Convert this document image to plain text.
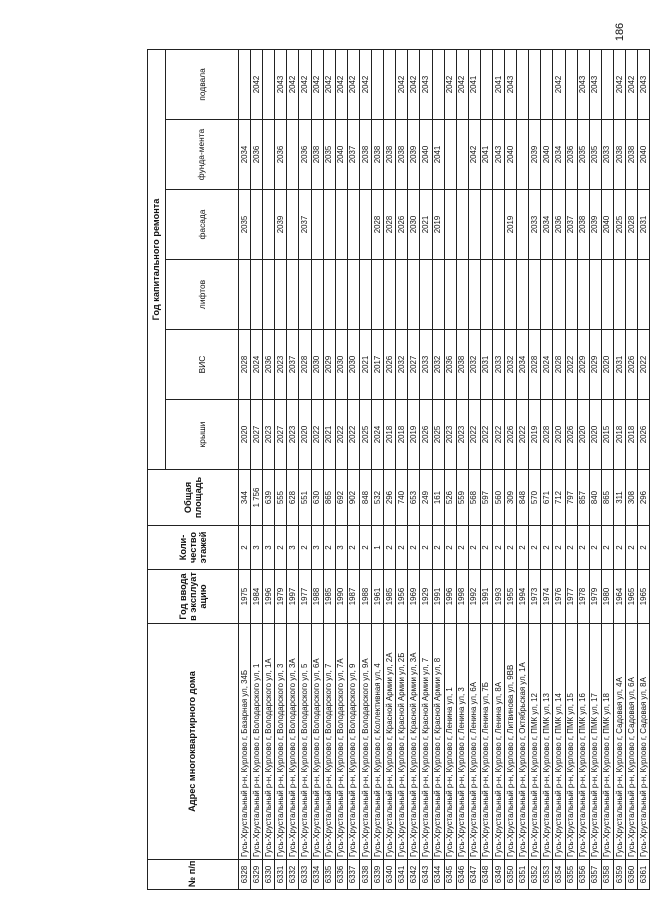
186
№ п/п	Адрес многоквартирного дома	Год ввода в эксплуат ацию	Коли-чество этажей	Общая площадь	Год капитального ремонта					
					крыши	ВИС	лифтов	фасада	фунда-мента	подвала
6328	Гусь-Хрустальный р-н, Курлово г, Базарная ул, 34Б	1975	2	344	2020	2028		2035	2034	
6329	Гусь-Хрустальный р-н, Курлово г, Володарского ул, 1	1984	3	1 756	2027	2024			2036	2042
6330	Гусь-Хрустальный р-н, Курлово г, Володарского ул, 1А	1996	3	639	2023	2036				
6331	Гусь-Хрустальный р-н, Курлово г, Володарского ул, 3	1979	2	555	2027	2023		2039	2036	2043
6332	Гусь-Хрустальный р-н, Курлово г, Володарского ул, 3А	1997	3	628	2023	2037				2042
6333	Гусь-Хрустальный р-н, Курлово г, Володарского ул, 5	1977	2	551	2020	2028		2037	2036	2042
6334	Гусь-Хрустальный р-н, Курлово г, Володарского ул, 6А	1988	3	630	2022	2030			2038	2042
6335	Гусь-Хрустальный р-н, Курлово г, Володарского ул, 7	1985	2	865	2021	2029			2035	2042
6336	Гусь-Хрустальный р-н, Курлово г, Володарского ул, 7А	1990	3	692	2022	2030			2040	2042
6337	Гусь-Хрустальный р-н, Курлово г, Володарского ул, 9	1987	2	902	2022	2030			2037	2042
6338	Гусь-Хрустальный р-н, Курлово г, Володарского ул, 9А	1988	2	848	2025	2021			2038	2042
6339	Гусь-Хрустальный р-н, Курлово г, Коллективная ул, 4	1961	1	532	2024	2017		2028	2038	
6340	Гусь-Хрустальный р-н, Курлово г, Красной Армии ул, 2А	1985	2	296	2018	2026		2028	2038	
6341	Гусь-Хрустальный р-н, Курлово г, Красной Армии ул, 2Б	1956	2	740	2018	2032		2026	2038	2042
6342	Гусь-Хрустальный р-н, Курлово г, Красной Армии ул, 3А	1969	2	653	2019	2027		2030	2039	2042
6343	Гусь-Хрустальный р-н, Курлово г, Красной Армии ул, 7	1929	2	249	2026	2033		2021	2040	2043
6344	Гусь-Хрустальный р-н, Курлово г, Красной Армии ул, 8	1991	2	161	2025	2032		2019	2041	
6345	Гусь-Хрустальный р-н, Курлово г, Ленина ул, 1	1996	2	526	2023	2036				2042
6346	Гусь-Хрустальный р-н, Курлово г, Ленина ул, 3	1998	2	559	2023	2038				2042
6347	Гусь-Хрустальный р-н, Курлово г, Ленина ул, 6А	1992	2	568	2022	2032			2042	2041
6348	Гусь-Хрустальный р-н, Курлово г, Ленина ул, 7Б	1991	2	597	2022	2031			2041	
6349	Гусь-Хрустальный р-н, Курлово г, Ленина ул, 8А	1993	2	560	2022	2033			2043	2041
6350	Гусь-Хрустальный р-н, Курлово г, Литвинова ул, 9ВВ	1955	2	309	2026	2032		2019	2040	2043
6351	Гусь-Хрустальный р-н, Курлово г, Октябрьская ул, 1А	1994	2	848	2022	2034				
6352	Гусь-Хрустальный р-н, Курлово г, ПМК ул, 12	1973	2	570	2019	2028		2033	2039	
6353	Гусь-Хрустальный р-н, Курлово г, ПМК ул, 13	1974	2	671	2028	2024		2034	2040	
6354	Гусь-Хрустальный р-н, Курлово г, ПМК ул, 14	1976	2	712	2020	2028		2036	2034	2042
6355	Гусь-Хрустальный р-н, Курлово г, ПМК ул, 15	1977	2	797	2026	2022		2037	2036	
6356	Гусь-Хрустальный р-н, Курлово г, ПМК ул, 16	1978	2	857	2020	2029		2038	2035	2043
6357	Гусь-Хрустальный р-н, Курлово г, ПМК ул, 17	1979	2	840	2020	2029		2039	2035	2043
6358	Гусь-Хрустальный р-н, Курлово г, ПМК ул, 18	1980	2	865	2015	2020		2040	2033	
6359	Гусь-Хрустальный р-н, Курлово г, Садовая ул, 4А	1964	2	311	2018	2031		2025	2038	2042
6360	Гусь-Хрустальный р-н, Курлово г, Садовая ул, 6А	1965	2	308	2018	2026		2028	2038	2042
6361	Гусь-Хрустальный р-н, Курлово г, Садовая ул, 8А	1965	2	296	2026	2022		2031	2040	2043
